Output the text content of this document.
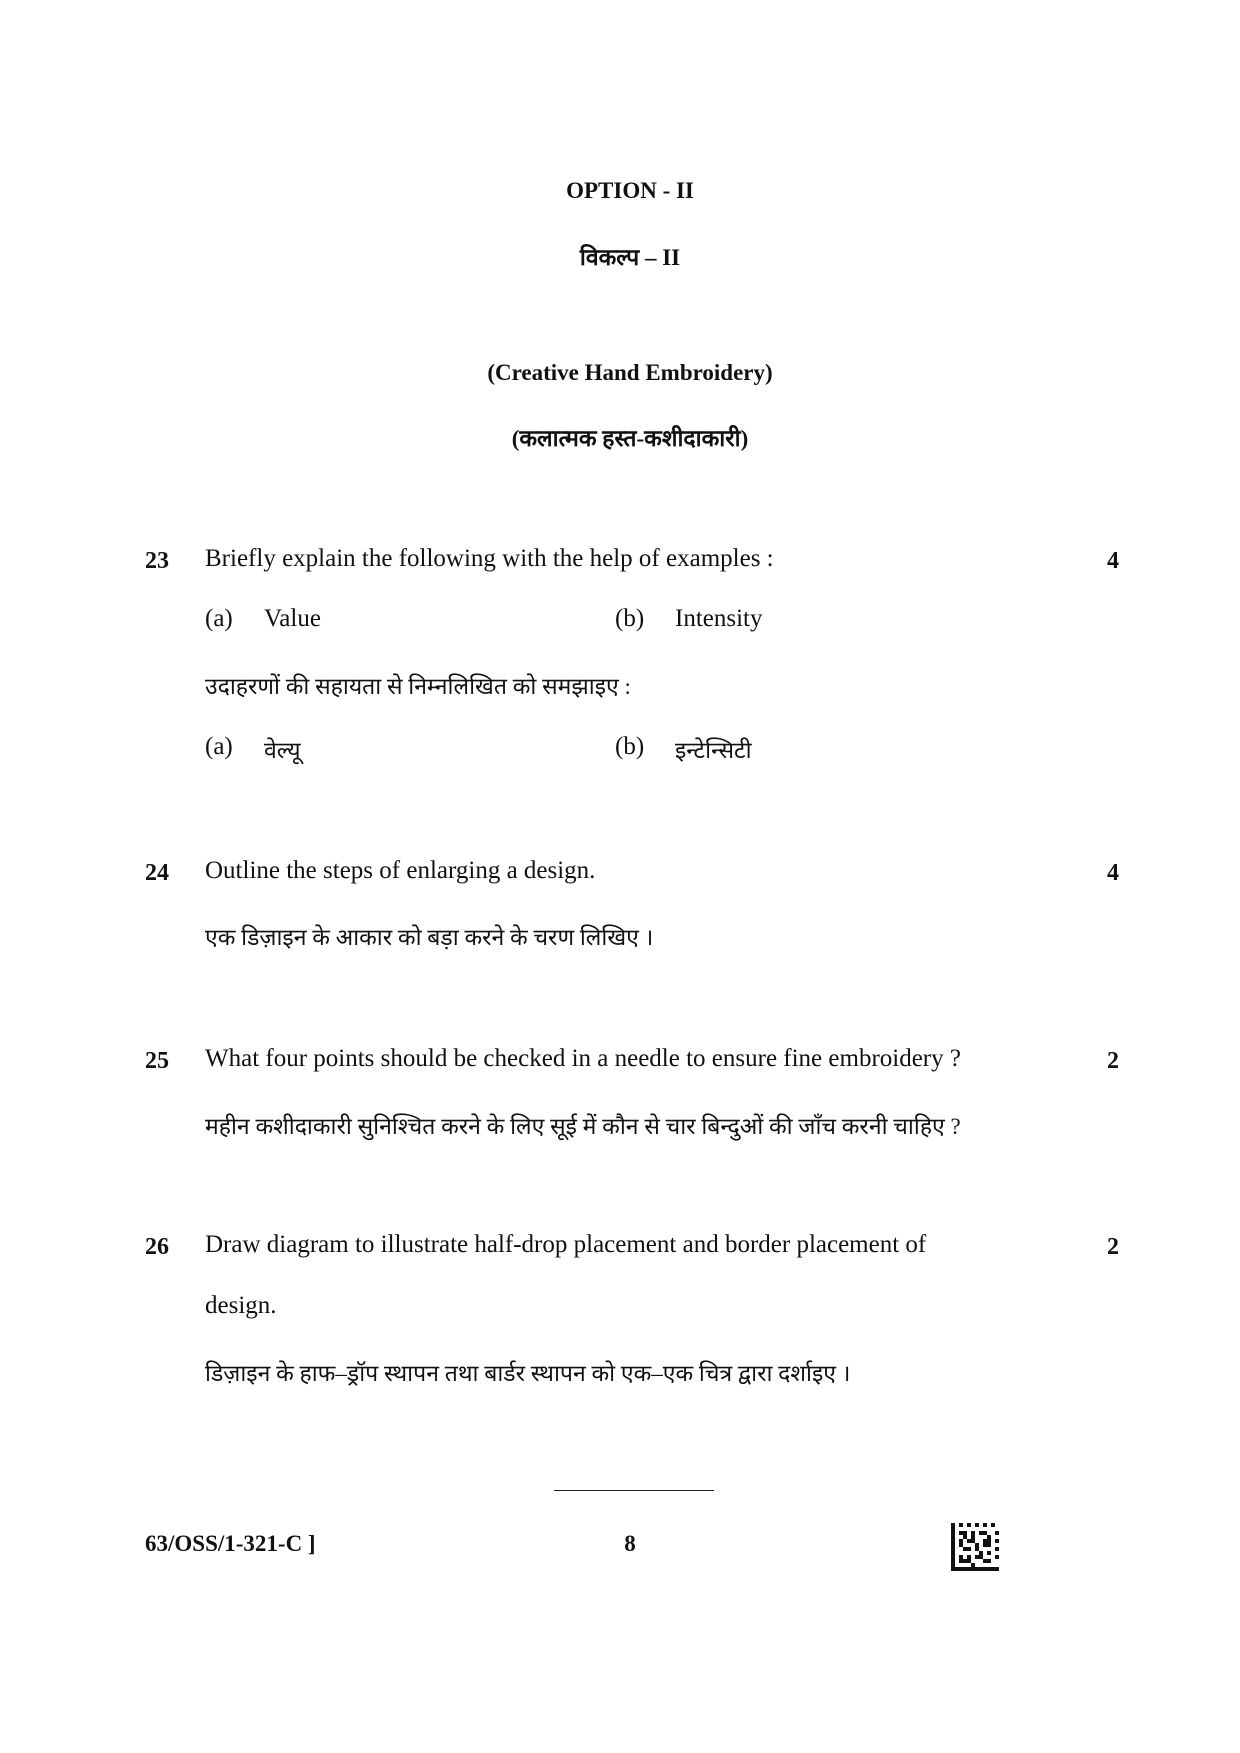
OPTION - II
विकल्प – II
(Creative Hand Embroidery)
(कलात्मक हस्त-कशीदाकारी)
23 Briefly explain the following with the help of examples :	4
(a) Value	(b) Intensity
उदाहरणों की सहायता से निम्नलिखित को समझाइए :
(a) वेल्यू	(b) इन्टेन्सिटी
24 Outline the steps of enlarging a design.	4
एक डिज़ाइन के आकार को बड़ा करने के चरण लिखिए ।
25 What four points should be checked in a needle to ensure fine embroidery ?	2
महीन कशीदाकारी सुनिश्चित करने के लिए सूई में कौन से चार बिन्दुओं की जाँच करनी चाहिए ?
26 Draw diagram to illustrate half-drop placement and border placement of	2
design.
डिज़ाइन के हाफ–ड्रॉप स्थापन तथा बार्डर स्थापन को एक–एक चित्र द्वारा दर्शाइए ।
63/OSS/1-321-C ]	8
